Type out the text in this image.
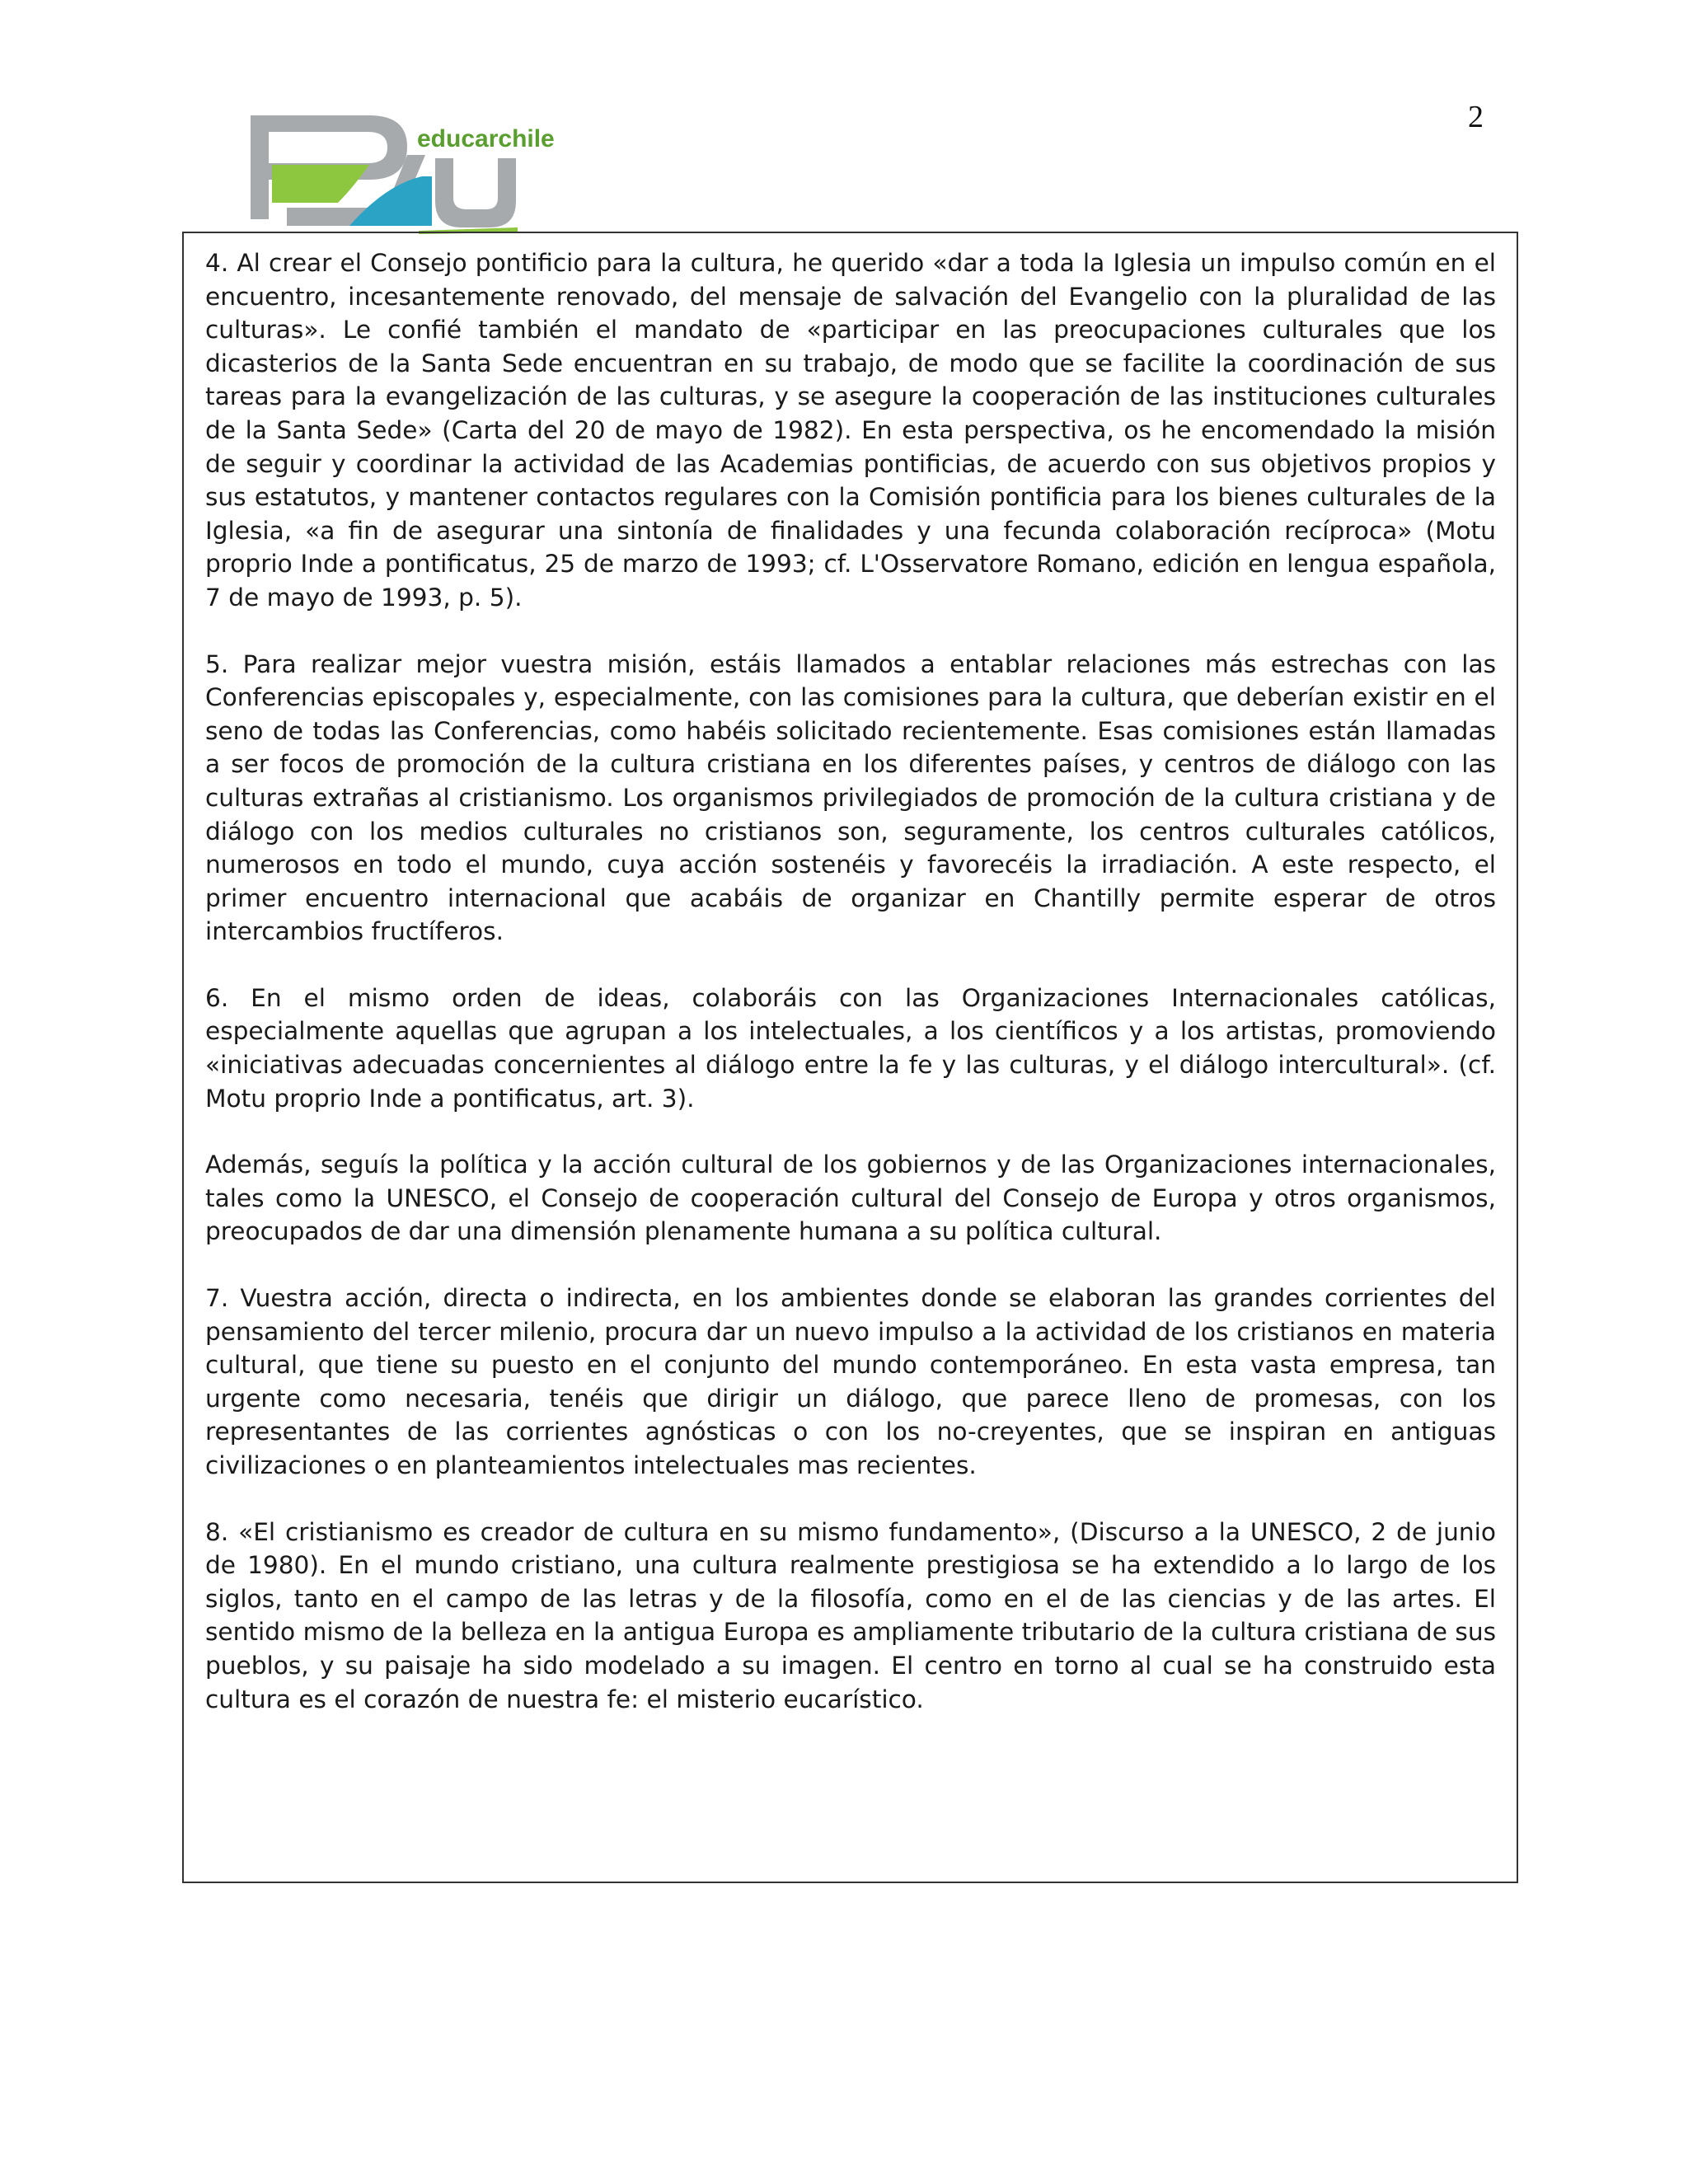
2
educarchile

4. Al crear el Consejo pontificio para la cultura, he querido «dar a toda la Iglesia un impulso común en el encuentro, incesantemente renovado, del mensaje de salvación del Evangelio con la pluralidad de las culturas». Le confié también el mandato de «participar en las preocupaciones culturales que los dicasterios de la Santa Sede encuentran en su trabajo, de modo que se facilite la coordinación de sus tareas para la evangelización de las culturas, y se asegure la cooperación de las instituciones culturales de la Santa Sede» (Carta del 20 de mayo de 1982). En esta perspectiva, os he encomendado la misión de seguir y coordinar la actividad de las Academias pontificias, de acuerdo con sus objetivos propios y sus estatutos, y mantener contactos regulares con la Comisión pontificia para los bienes culturales de la Iglesia, «a fin de asegurar una sintonía de finalidades y una fecunda colaboración recíproca» (Motu proprio Inde a pontificatus, 25 de marzo de 1993; cf. L'Osservatore Romano, edición en lengua española, 7 de mayo de 1993, p. 5).

5. Para realizar mejor vuestra misión, estáis llamados a entablar relaciones más estrechas con las Conferencias episcopales y, especialmente, con las comisiones para la cultura, que deberían existir en el seno de todas las Conferencias, como habéis solicitado recientemente. Esas comisiones están llamadas a ser focos de promoción de la cultura cristiana en los diferentes países, y centros de diálogo con las culturas extrañas al cristianismo. Los organismos privilegiados de promoción de la cultura cristiana y de diálogo con los medios culturales no cristianos son, seguramente, los centros culturales católicos, numerosos en todo el mundo, cuya acción sostenéis y favorecéis la irradiación. A este respecto, el primer encuentro internacional que acabáis de organizar en Chantilly permite esperar de otros intercambios fructíferos.

6. En el mismo orden de ideas, colaboráis con las Organizaciones Internacionales católicas, especialmente aquellas que agrupan a los intelectuales, a los científicos y a los artistas, promoviendo «iniciativas adecuadas concernientes al diálogo entre la fe y las culturas, y el diálogo intercultural». (cf. Motu proprio Inde a pontificatus, art. 3).

Además, seguís la política y la acción cultural de los gobiernos y de las Organizaciones internacionales, tales como la UNESCO, el Consejo de cooperación cultural del Consejo de Europa y otros organismos, preocupados de dar una dimensión plenamente humana a su política cultural.

7. Vuestra acción, directa o indirecta, en los ambientes donde se elaboran las grandes corrientes del pensamiento del tercer milenio, procura dar un nuevo impulso a la actividad de los cristianos en materia cultural, que tiene su puesto en el conjunto del mundo contemporáneo. En esta vasta empresa, tan urgente como necesaria, tenéis que dirigir un diálogo, que parece lleno de promesas, con los representantes de las corrientes agnósticas o con los no-creyentes, que se inspiran en antiguas civilizaciones o en planteamientos intelectuales mas recientes.

8. «El cristianismo es creador de cultura en su mismo fundamento», (Discurso a la UNESCO, 2 de junio de 1980). En el mundo cristiano, una cultura realmente prestigiosa se ha extendido a lo largo de los siglos, tanto en el campo de las letras y de la filosofía, como en el de las ciencias y de las artes. El sentido mismo de la belleza en la antigua Europa es ampliamente tributario de la cultura cristiana de sus pueblos, y su paisaje ha sido modelado a su imagen. El centro en torno al cual se ha construido esta cultura es el corazón de nuestra fe: el misterio eucarístico.
